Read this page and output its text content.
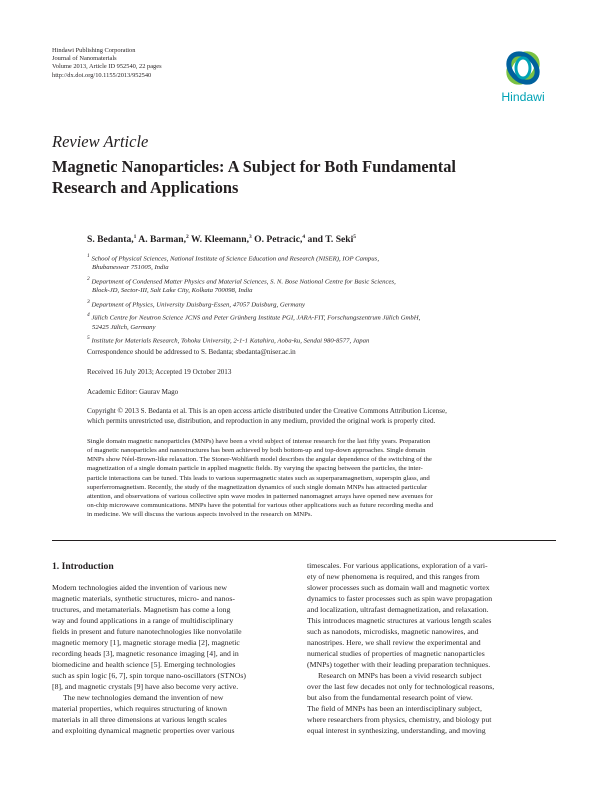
Hindawi Publishing Corporation
Journal of Nanomaterials
Volume 2013, Article ID 952540, 22 pages
http://dx.doi.org/10.1155/2013/952540
Hindawi
Review Article
Magnetic Nanoparticles: A Subject for Both Fundamental
Research and Applications
S. Bedanta,$^1$ A. Barman,$^2$ W. Kleemann,$^3$ O. Petracic,$^4$ and T. Seki$^5$
$^1$ School of Physical Sciences, National Institute of Science Education and Research (NISER), IOP Campus,
Bhubaneswar 751005, India
$^2$ Department of Condensed Matter Physics and Material Sciences, S. N. Bose National Centre for Basic Sciences,
Block-JD, Sector-III, Salt Lake City, Kolkata 700098, India
$^3$ Department of Physics, University Duisburg-Essen, 47057 Duisburg, Germany
$^4$ Jülich Centre for Neutron Science JCNS and Peter Grünberg Institute PGI, JARA-FIT, Forschungszentrum Jülich GmbH,
52425 Jülich, Germany
$^5$ Institute for Materials Research, Tohoku University, 2-1-1 Katahira, Aoba-ku, Sendai 980-8577, Japan
Correspondence should be addressed to S. Bedanta; sbedanta@niser.ac.in
Received 16 July 2013; Accepted 19 October 2013
Academic Editor: Gaurav Mago
Copyright © 2013 S. Bedanta et al. This is an open access article distributed under the Creative Commons Attribution License,
which permits unrestricted use, distribution, and reproduction in any medium, provided the original work is properly cited.
Single domain magnetic nanoparticles (MNPs) have been a vivid subject of intense research for the last fifty years. Preparation
of magnetic nanoparticles and nanostructures has been achieved by both bottom-up and top-down approaches. Single domain
MNPs show Néel-Brown-like relaxation. The Stoner-Wohlfarth model describes the angular dependence of the switching of the
magnetization of a single domain particle in applied magnetic fields. By varying the spacing between the particles, the inter-
particle interactions can be tuned. This leads to various supermagnetic states such as superparamagnetism, superspin glass, and
superferromagnetism. Recently, the study of the magnetization dynamics of such single domain MNPs has attracted particular
attention, and observations of various collective spin wave modes in patterned nanomagnet arrays have opened new avenues for
on-chip microwave communications. MNPs have the potential for various other applications such as future recording media and
in medicine. We will discuss the various aspects involved in the research on MNPs.
1. Introduction

Modern technologies aided the invention of various new
magnetic materials, synthetic structures, micro- and nanos-
tructures, and metamaterials. Magnetism has come a long
way and found applications in a range of multidisciplinary
fields in present and future nanotechnologies like nonvolatile
magnetic memory [1], magnetic storage media [2], magnetic
recording heads [3], magnetic resonance imaging [4], and in
biomedicine and health science [5]. Emerging technologies
such as spin logic [6, 7], spin torque nano-oscillators (STNOs)
[8], and magnetic crystals [9] have also become very active.

The new technologies demand the invention of new
material properties, which requires structuring of known
materials in all three dimensions at various length scales
and exploiting dynamical magnetic properties over various

timescales. For various applications, exploration of a vari-
ety of new phenomena is required, and this ranges from
slower processes such as domain wall and magnetic vortex
dynamics to faster processes such as spin wave propagation
and localization, ultrafast demagnetization, and relaxation.
This introduces magnetic structures at various length scales
such as nanodots, microdisks, magnetic nanowires, and
nanostripes. Here, we shall review the experimental and
numerical studies of properties of magnetic nanoparticles
(MNPs) together with their leading preparation techniques.

Research on MNPs has been a vivid research subject
over the last few decades not only for technological reasons,
but also from the fundamental research point of view.
The field of MNPs has been an interdisciplinary subject,
where researchers from physics, chemistry, and biology put
equal interest in synthesizing, understanding, and moving
